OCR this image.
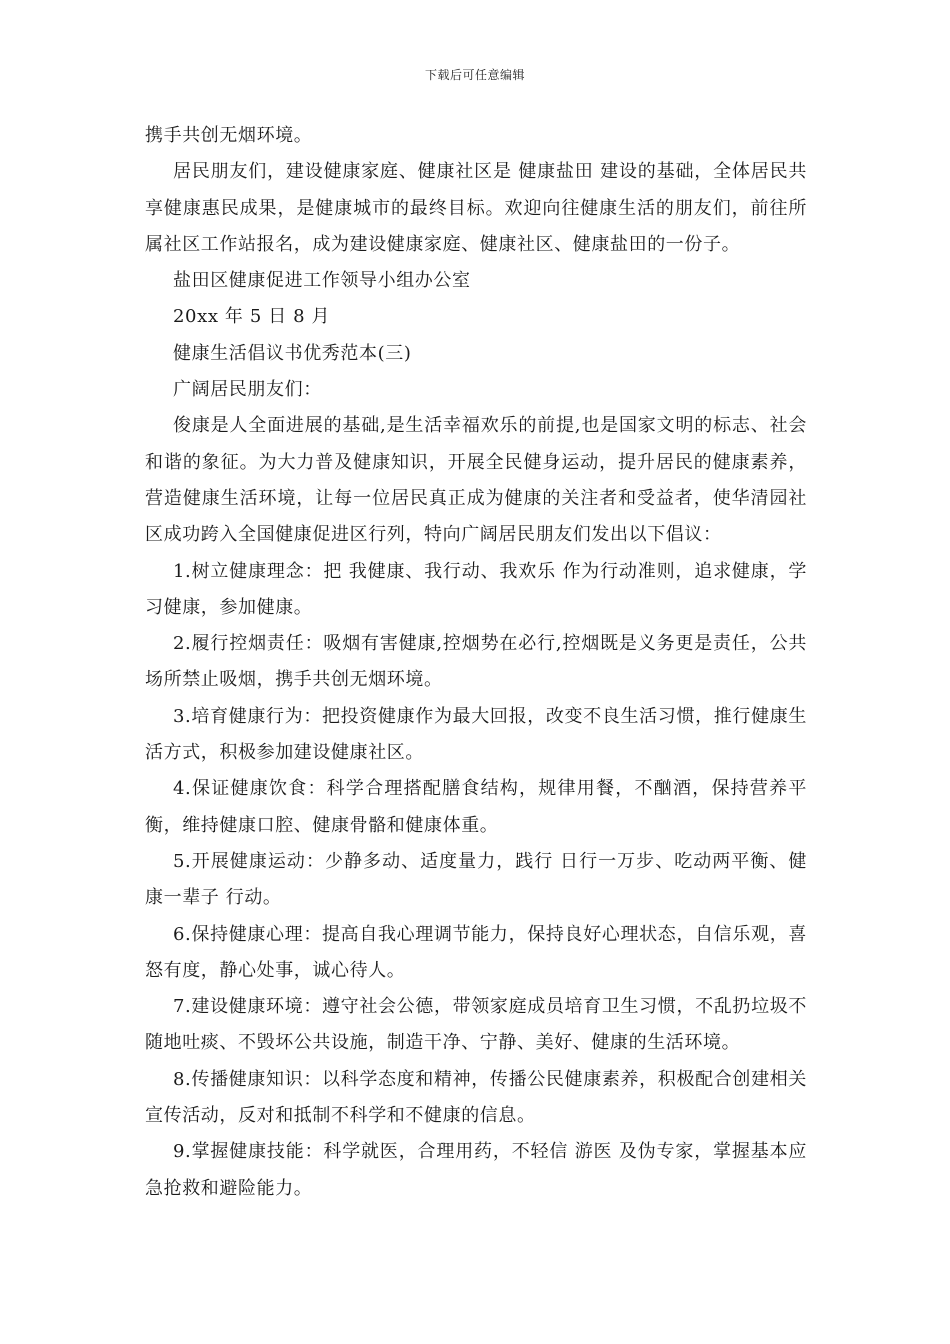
下载后可任意编辑

携手共创无烟环境。

居民朋友们，建设健康家庭、健康社区是 健康盐田 建设的基础，全体居民共享健康惠民成果，是健康城市的最终目标。欢迎向往健康生活的朋友们，前往所属社区工作站报名，成为建设健康家庭、健康社区、健康盐田的一份子。

盐田区健康促进工作领导小组办公室

20xx 年 5 日 8 月

健康生活倡议书优秀范本(三)

广阔居民朋友们：

俊康是人全面进展的基础,是生活幸福欢乐的前提,也是国家文明的标志、社会和谐的象征。为大力普及健康知识，开展全民健身运动，提升居民的健康素养，营造健康生活环境，让每一位居民真正成为健康的关注者和受益者，使华清园社区成功跨入全国健康促进区行列，特向广阔居民朋友们发出以下倡议：

1.树立健康理念：把 我健康、我行动、我欢乐 作为行动准则，追求健康，学习健康，参加健康。

2.履行控烟责任：吸烟有害健康,控烟势在必行,控烟既是义务更是责任，公共场所禁止吸烟，携手共创无烟环境。

3.培育健康行为：把投资健康作为最大回报，改变不良生活习惯，推行健康生活方式，积极参加建设健康社区。

4.保证健康饮食：科学合理搭配膳食结构，规律用餐，不酗酒，保持营养平衡，维持健康口腔、健康骨骼和健康体重。

5.开展健康运动：少静多动、适度量力，践行 日行一万步、吃动两平衡、健康一辈子 行动。

6.保持健康心理：提高自我心理调节能力，保持良好心理状态，自信乐观，喜怒有度，静心处事，诚心待人。

7.建设健康环境：遵守社会公德，带领家庭成员培育卫生习惯，不乱扔垃圾不随地吐痰、不毁坏公共设施，制造干净、宁静、美好、健康的生活环境。

8.传播健康知识：以科学态度和精神，传播公民健康素养，积极配合创建相关宣传活动，反对和抵制不科学和不健康的信息。

9.掌握健康技能：科学就医，合理用药，不轻信 游医 及伪专家，掌握基本应急抢救和避险能力。
